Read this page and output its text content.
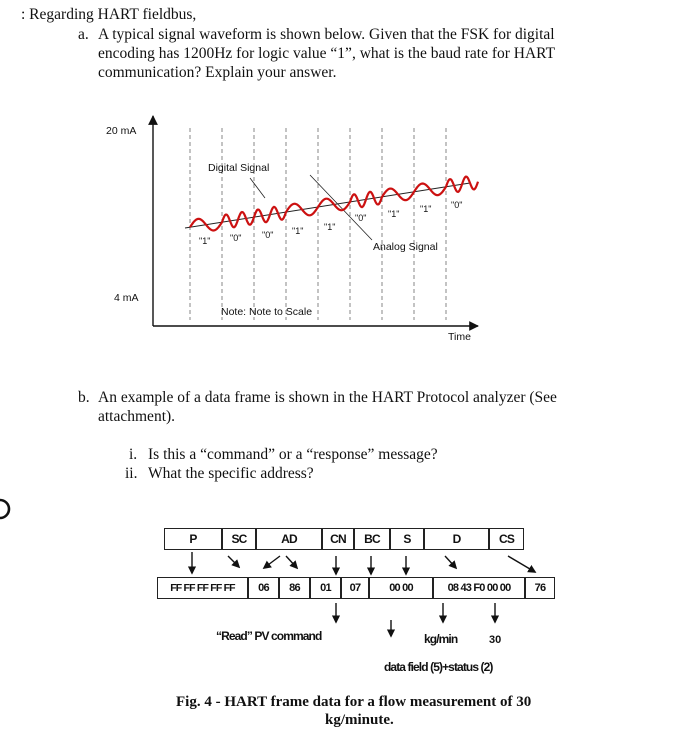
: Regarding HART fieldbus,
a. A typical signal waveform is shown below. Given that the FSK for digital
encoding has 1200Hz for logic value “1”, what is the baud rate for HART
communication? Explain your answer.
20 mA
4 mA
Digital Signal
Analog Signal
Note: Note to Scale
Time
"1" "0" "0" "1" "1"
"0" "1" "1" "0"
b. An example of a data frame is shown in the HART Protocol analyzer (See
attachment).
i. Is this a “command” or a “response” message?
ii. What the specific address?
P	SC	AD	CN	BC	S	D	CS
FF FF FF FF FF	06	86	01	07	00 00	08 43 F0 00 00	76
“Read” PV command	kg/min	30
data field (5)+status (2)
Fig. 4 - HART frame data for a flow measurement of 30
kg/minute.
